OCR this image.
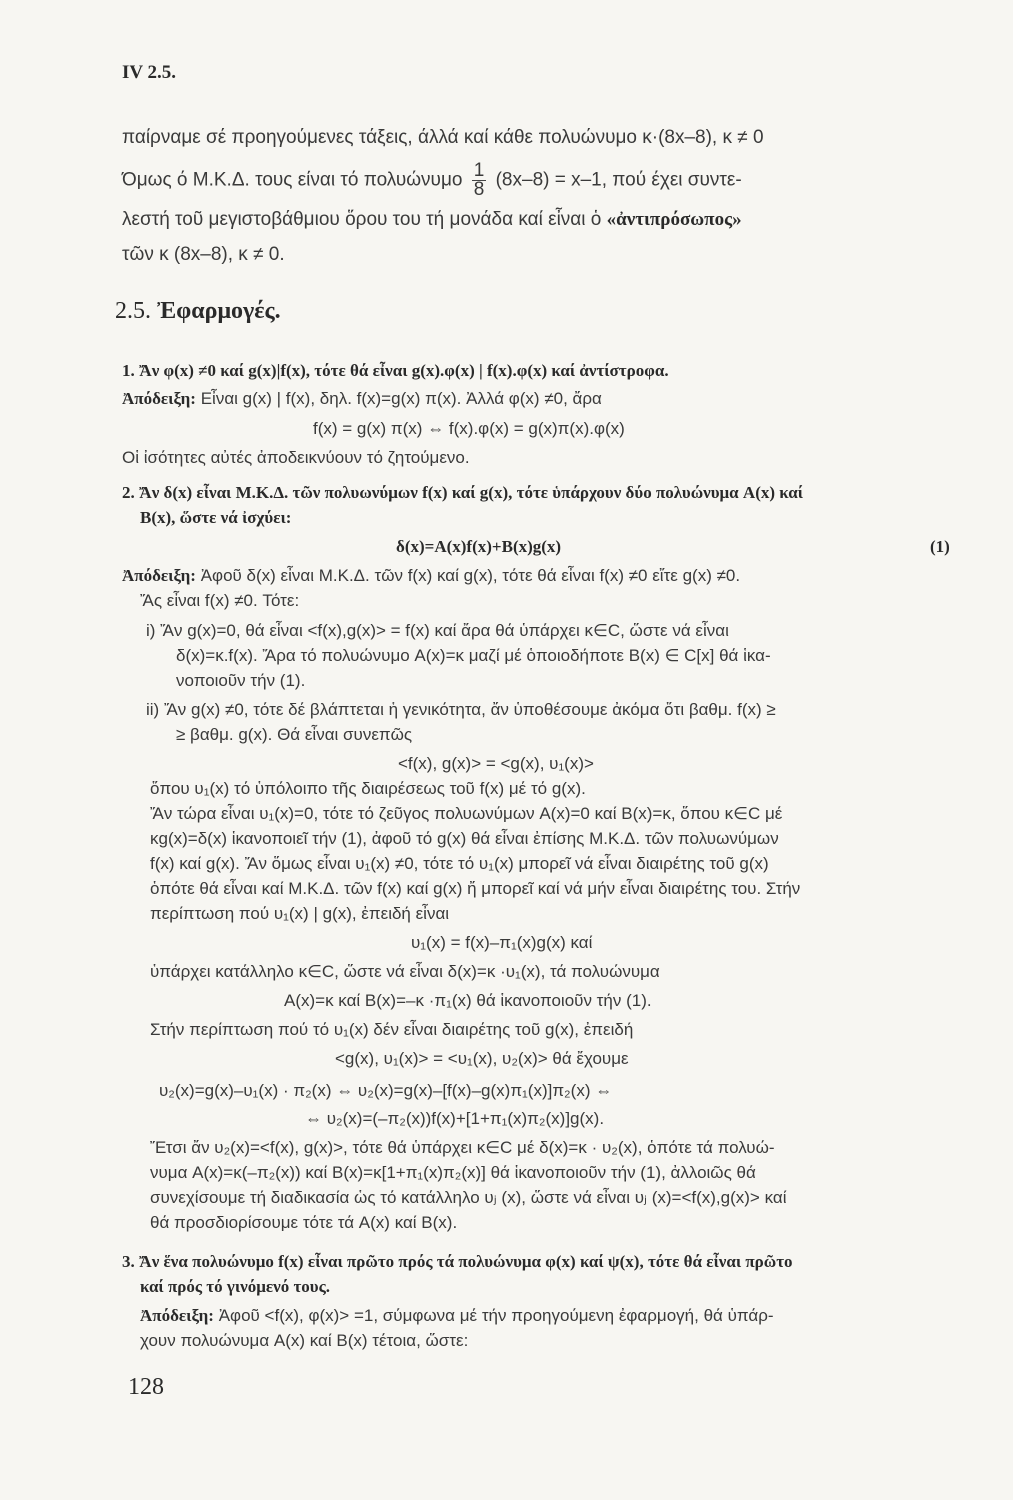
IV 2.5.
παίρναμε σέ προηγούμενες τάξεις, άλλά καί κάθε πολυώνυμο κ·(8x–8), κ ≠ 0
Όμως ό Μ.Κ.Δ. τους είναι τό πολυώνυμο $\frac{1}{8} (8x-8) = x-1$, πού έχει συντε-
λεστή τοῦ μεγιστοβάθμιου ὅρου του τή μονάδα καί εἶναι ὁ «ἀντιπρόσωπος»
τῶν κ (8x–8), κ ≠ 0.
2.5. Ἐφαρμογές.
1. Ἄν φ(x) ≠0 καί g(x)|f(x), τότε θά εἶναι g(x).φ(x) | f(x).φ(x) καί ἀντίστροφα.
Ἀπόδειξη: Εἶναι g(x) | f(x), δηλ. f(x)=g(x) π(x). Ἀλλά φ(x) ≠0, ἄρα
f(x) = g(x) π(x) ⇔ f(x).φ(x) = g(x)π(x).φ(x)
Οἱ ἰσότητες αὐτές ἀποδεικνύουν τό ζητούμενο.
2. Ἄν δ(x) εἶναι Μ.Κ.Δ. τῶν πολυωνύμων f(x) καί g(x), τότε ὑπάρχουν δύο πολυώνυμα A(x) καί
B(x), ὥστε νά ἰσχύει:
δ(x)=A(x)f(x)+B(x)g(x)	(1)
Ἀπόδειξη: Ἀφοῦ δ(x) εἶναι Μ.Κ.Δ. τῶν f(x) καί g(x), τότε θά εἶναι f(x) ≠0 εἴτε g(x) ≠0.
Ἄς εἶναι f(x) ≠0. Τότε:
i) Ἄν g(x)=0, θά εἶναι <f(x),g(x)> = f(x) καί ἄρα θά ὑπάρχει κ∈C, ὥστε νά εἶναι
δ(x)=κ.f(x). Ἄρα τό πολυώνυμο A(x)=κ μαζί μέ ὁποιοδήποτε B(x) ∈ C[x] θά ἱκα-
νοποιοῦν τήν (1).
ii) Ἄν g(x) ≠0, τότε δέ βλάπτεται ἡ γενικότητα, ἄν ὑποθέσουμε ἀκόμα ὅτι βαθμ. f(x) ≥
≥ βαθμ. g(x). Θά εἶναι συνεπῶς
<f(x), g(x)> = <g(x), υ₁(x)>
ὅπου υ₁(x) τό ὑπόλοιπο τῆς διαιρέσεως τοῦ f(x) μέ τό g(x).
Ἄν τώρα εἶναι υ₁(x)=0, τότε τό ζεῦγος πολυωνύμων A(x)=0 καί B(x)=κ, ὅπου κ∈C μέ
κg(x)=δ(x) ἱκανοποιεῖ τήν (1), ἀφοῦ τό g(x) θά εἶναι ἐπίσης Μ.Κ.Δ. τῶν πολυωνύμων
f(x) καί g(x). Ἄν ὅμως εἶναι υ₁(x) ≠0, τότε τό υ₁(x) μπορεῖ νά εἶναι διαιρέτης τοῦ g(x)
ὁπότε θά εἶναι καί Μ.Κ.Δ. τῶν f(x) καί g(x) ἤ μπορεῖ καί νά μήν εἶναι διαιρέτης του. Στήν
περίπτωση πού υ₁(x) | g(x), ἐπειδή εἶναι
υ₁(x) = f(x)–π₁(x)g(x) καί
ὑπάρχει κατάλληλο κ∈C, ὥστε νά εἶναι δ(x)=κ ·υ₁(x), τά πολυώνυμα
A(x)=κ καί B(x)=–κ ·π₁(x) θά ἱκανοποιοῦν τήν (1).
Στήν περίπτωση πού τό υ₁(x) δέν εἶναι διαιρέτης τοῦ g(x), ἐπειδή
<g(x), υ₁(x)> = <υ₁(x), υ₂(x)> θά ἔχουμε
υ₂(x)=g(x)–υ₁(x) · π₂(x) ⇔ υ₂(x)=g(x)–[f(x)–g(x)π₁(x)]π₂(x) ⇔
⇔ υ₂(x)=(–π₂(x))f(x)+[1+π₁(x)π₂(x)]g(x).
Ἔτσι ἄν υ₂(x)=<f(x), g(x)>, τότε θά ὑπάρχει κ∈C μέ δ(x)=κ · υ₂(x), ὁπότε τά πολυώ-
νυμα A(x)=κ(–π₂(x)) καί B(x)=κ[1+π₁(x)π₂(x)] θά ἱκανοποιοῦν τήν (1), ἀλλοιῶς θά
συνεχίσουμε τή διαδικασία ὡς τό κατάλληλο υⱼ (x), ὥστε νά εἶναι υⱼ (x)=<f(x),g(x)> καί
θά προσδιορίσουμε τότε τά A(x) καί B(x).
3. Ἄν ἕνα πολυώνυμο f(x) εἶναι πρῶτο πρός τά πολυώνυμα φ(x) καί ψ(x), τότε θά εἶναι πρῶτο
καί πρός τό γινόμενό τους.
Ἀπόδειξη: Ἀφοῦ <f(x), φ(x)> =1, σύμφωνα μέ τήν προηγούμενη ἐφαρμογή, θά ὑπάρ-
χουν πολυώνυμα A(x) καί B(x) τέτοια, ὥστε:
128
